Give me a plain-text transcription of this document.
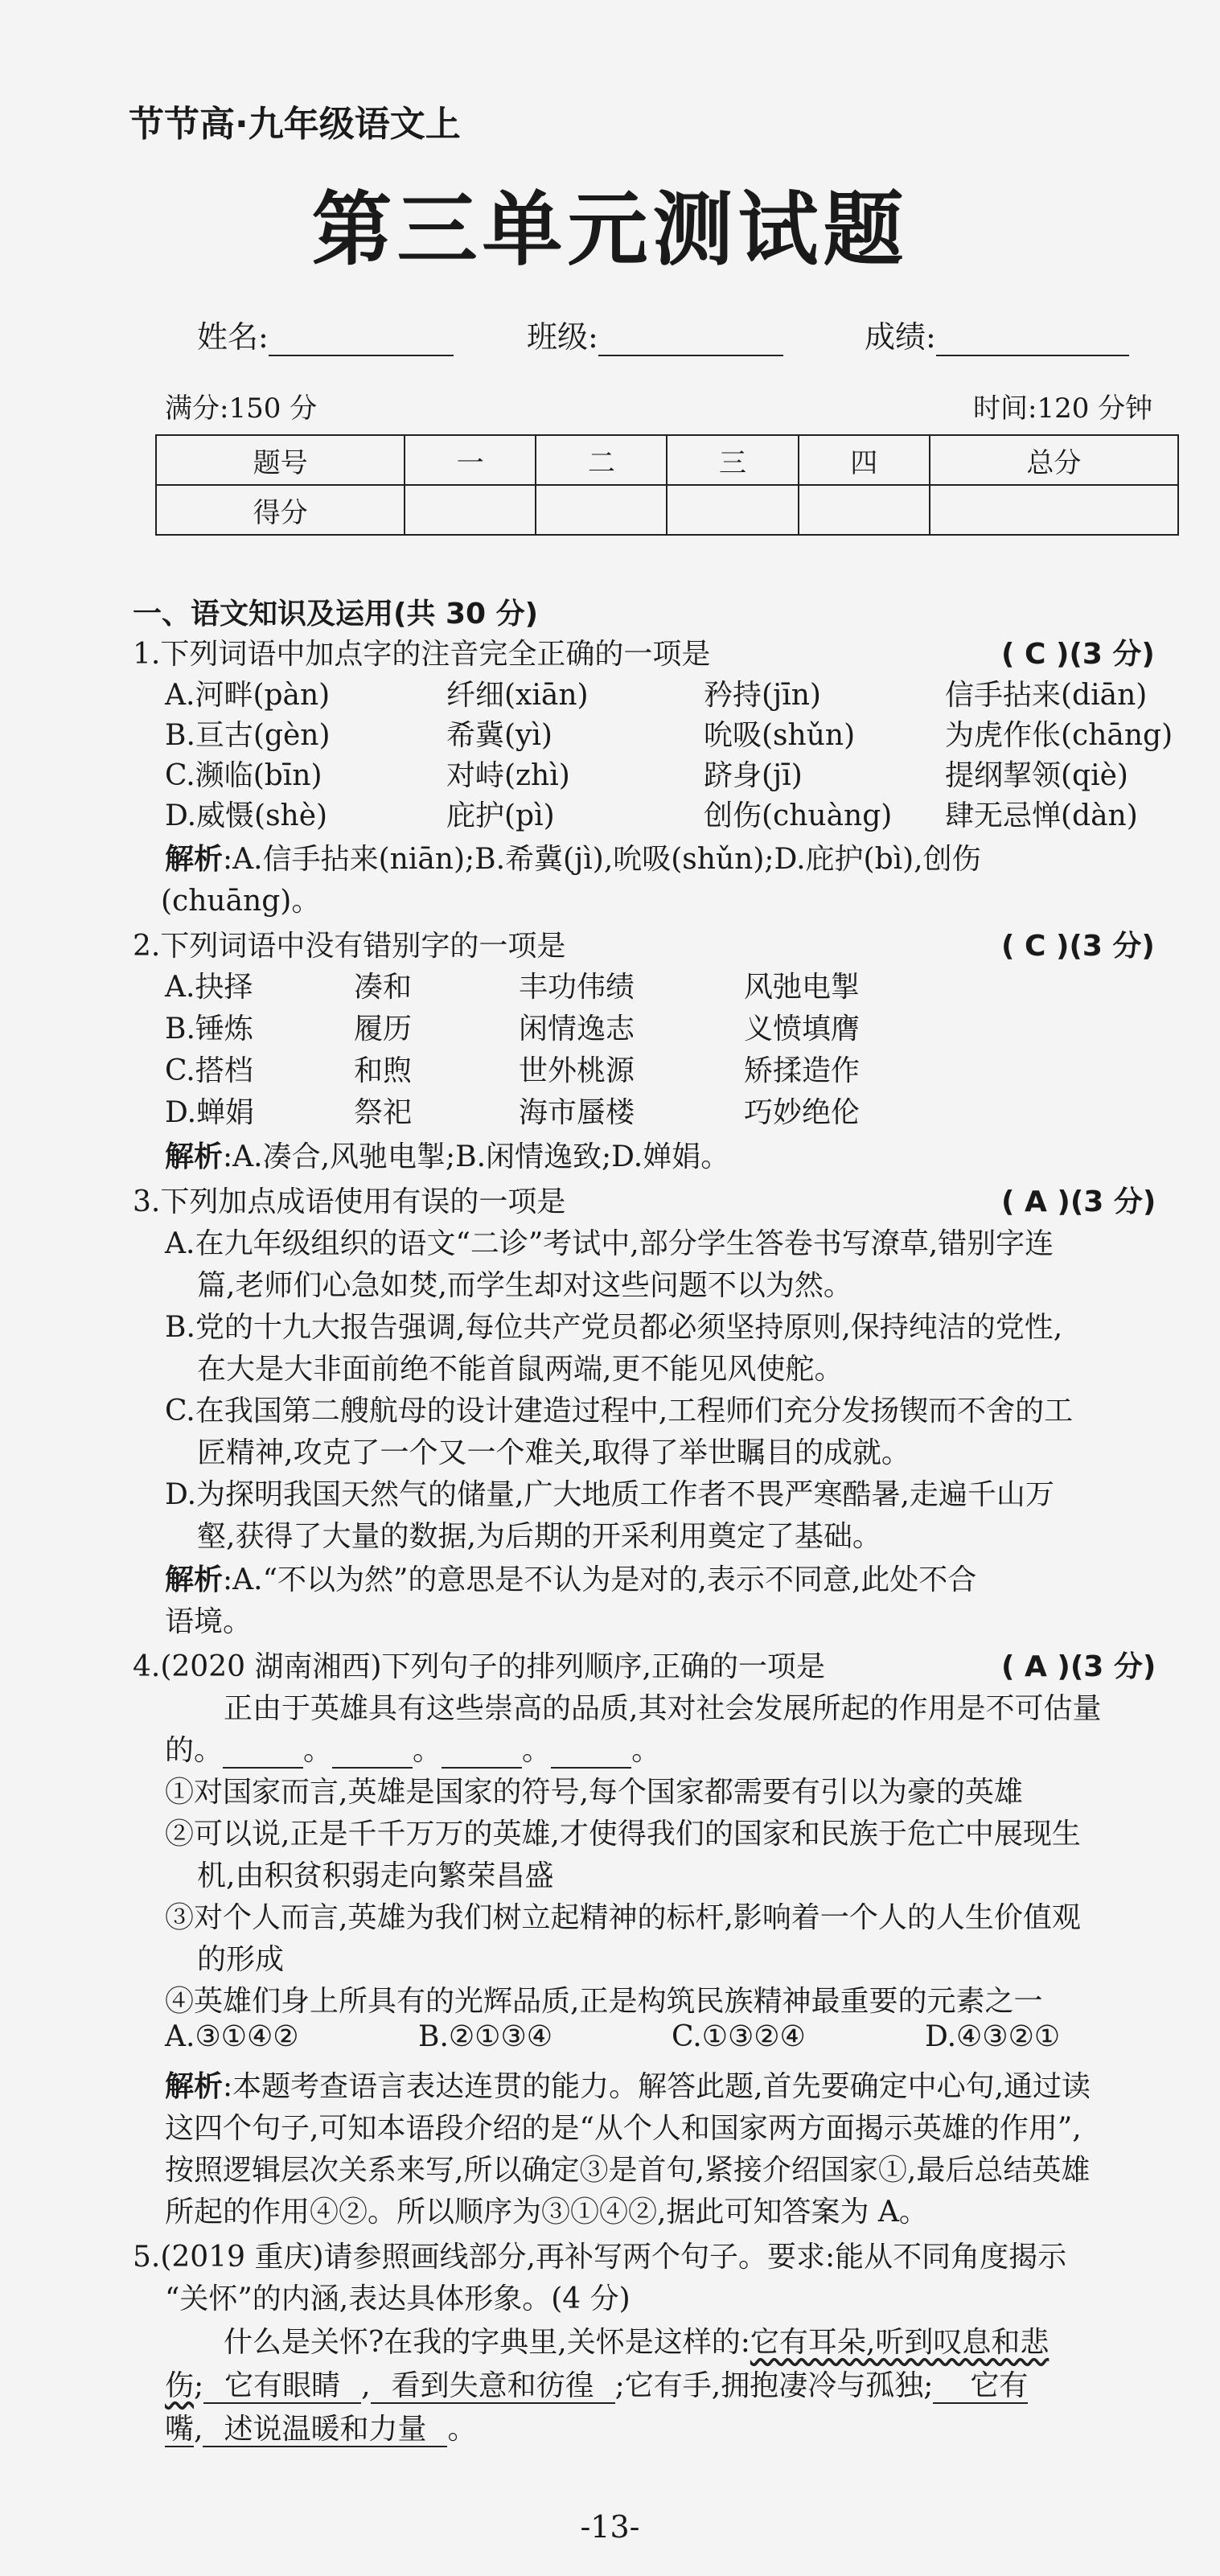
节节高·九年级语文上
第三单元测试题
姓名:	班级:	成绩:
满分:150 分	时间:120 分钟
题号	一	二	三	四	总分
得分					
一、语文知识及运用(共 30 分)
1.下列词语中加点字的注音完全正确的一项是	( C )(3 分)
A.河畔(pàn)	纤细(xiān)	矜持(jīn)	信手拈来(diān)
B.亘古(gèn)	希冀(yì)	吮吸(shǔn)	为虎作伥(chāng)
C.濒临(bīn)	对峙(zhì)	跻身(jī)	提纲挈领(qiè)
D.威慑(shè)	庇护(pì)	创伤(chuàng) 肆无忌惮(dàn)
解析:A.信手拈来(niān);B.希冀(jì),吮吸(shǔn);D.庇护(bì),创伤
(chuāng)。
2.下列词语中没有错别字的一项是	( C )(3 分)
A.抉择	凑和	丰功伟绩	风弛电掣
B.锤炼	履历	闲情逸志	义愤填膺
C.搭档	和煦	世外桃源	矫揉造作
D.蝉娟	祭祀	海市蜃楼	巧妙绝伦
解析:A.凑合,风驰电掣;B.闲情逸致;D.婵娟。
3.下列加点成语使用有误的一项是	( A )(3 分)
A.在九年级组织的语文“二诊”考试中,部分学生答卷书写潦草,错别字连
篇,老师们心急如焚,而学生却对这些问题不以为然。
B.党的十九大报告强调,每位共产党员都必须坚持原则,保持纯洁的党性,
在大是大非面前绝不能首鼠两端,更不能见风使舵。
C.在我国第二艘航母的设计建造过程中,工程师们充分发扬锲而不舍的工
匠精神,攻克了一个又一个难关,取得了举世瞩目的成就。
D.为探明我国天然气的储量,广大地质工作者不畏严寒酷暑,走遍千山万
壑,获得了大量的数据,为后期的开采利用奠定了基础。
解析:A.“不以为然”的意思是不认为是对的,表示不同意,此处不合
语境。
4.(2020 湖南湘西)下列句子的排列顺序,正确的一项是	( A )(3 分)
正由于英雄具有这些崇高的品质,其对社会发展所起的作用是不可估量
的。	。	。	。	。
①对国家而言,英雄是国家的符号,每个国家都需要有引以为豪的英雄
②可以说,正是千千万万的英雄,才使得我们的国家和民族于危亡中展现生
机,由积贫积弱走向繁荣昌盛
③对个人而言,英雄为我们树立起精神的标杆,影响着一个人的人生价值观
的形成
④英雄们身上所具有的光辉品质,正是构筑民族精神最重要的元素之一
A.③①④②	B.②①③④	C.①③②④	D.④③②①
解析:本题考查语言表达连贯的能力。解答此题,首先要确定中心句,通过读
这四个句子,可知本语段介绍的是“从个人和国家两方面揭示英雄的作用”,
按照逻辑层次关系来写,所以确定③是首句,紧接介绍国家①,最后总结英雄
所起的作用④②。所以顺序为③①④②,据此可知答案为 A。
5.(2019 重庆)请参照画线部分,再补写两个句子。要求:能从不同角度揭示
“关怀”的内涵,表达具体形象。(4 分)
什么是关怀?在我的字典里,关怀是这样的:它有耳朵,听到叹息和悲
伤; 它有眼睛 , 看到失意和彷徨 ;它有手,拥抱凄冷与孤独; 它有
嘴, 述说温暖和力量 。
-13-
